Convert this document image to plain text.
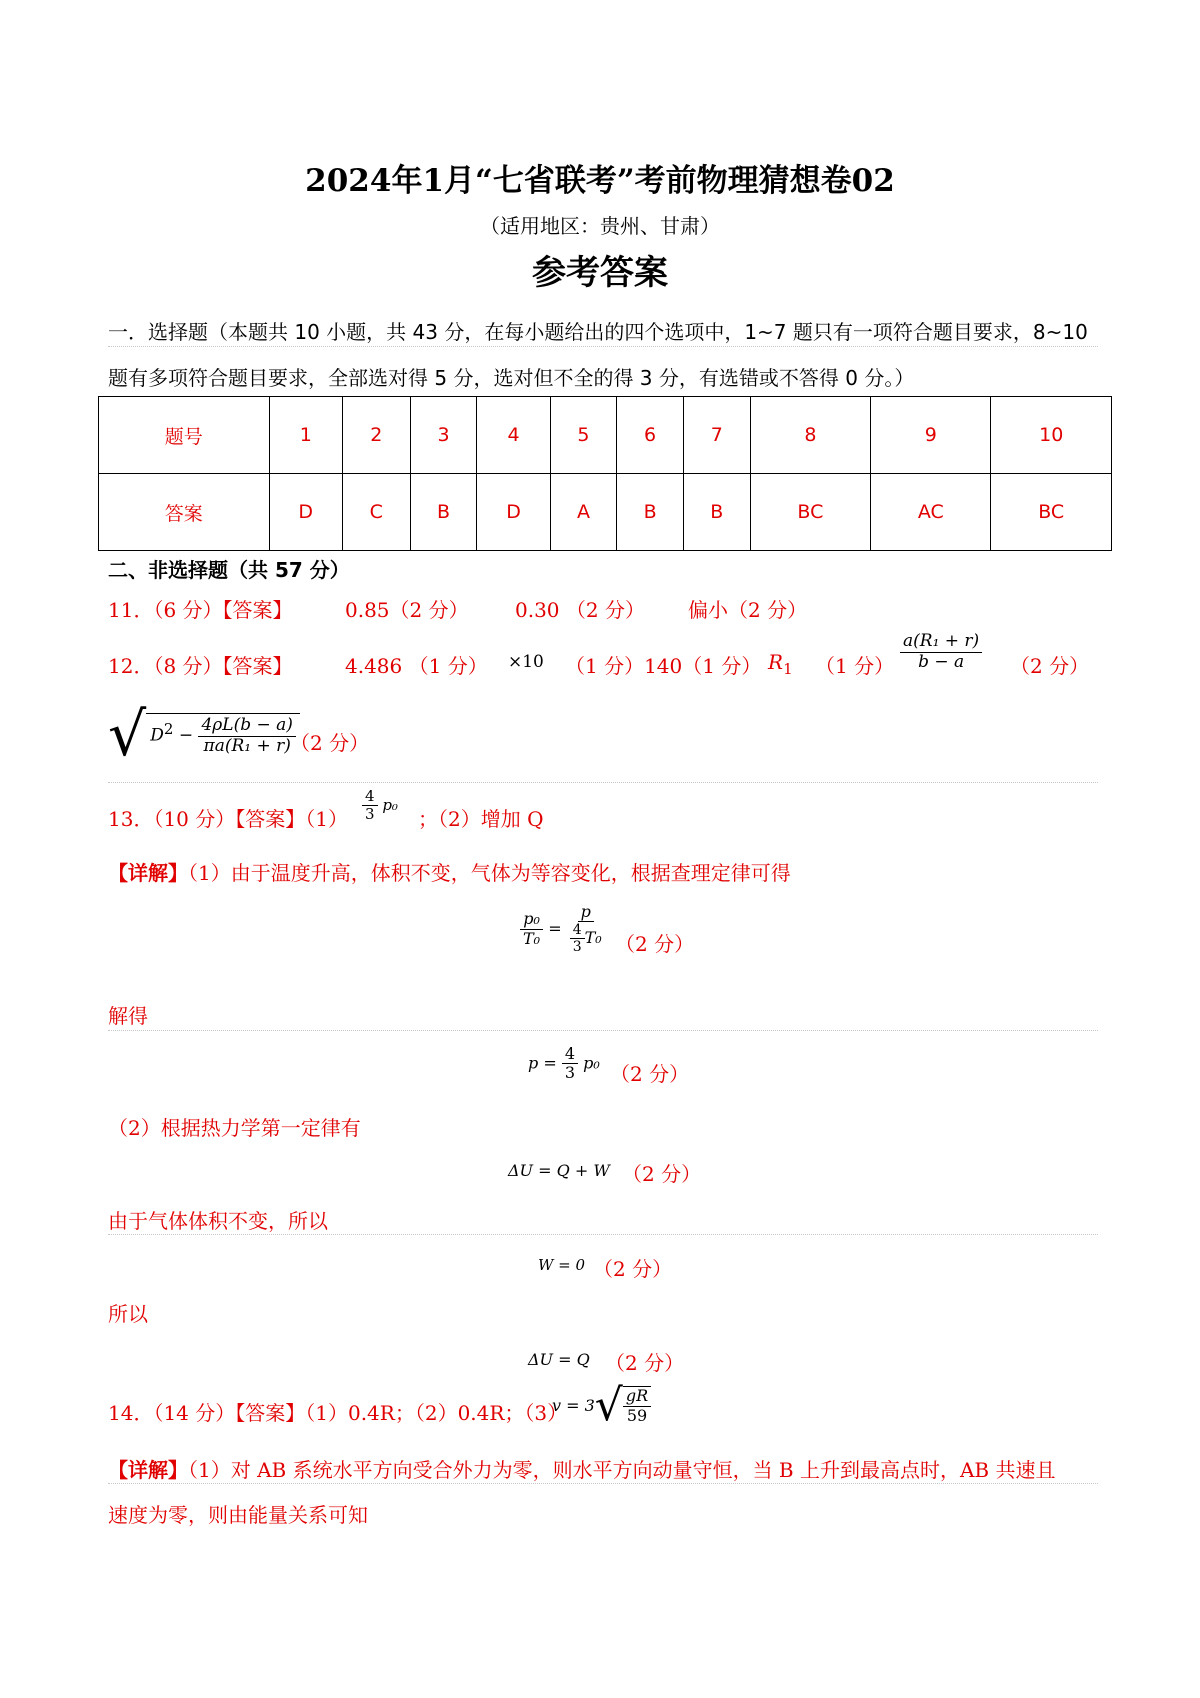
2024年1月“七省联考”考前物理猜想卷02
（适用地区：贵州、甘肃）
参考答案
一．选择题（本题共 10 小题，共 43 分，在每小题给出的四个选项中，1~7 题只有一项符合题目要求，8~10
题有多项符合题目要求，全部选对得 5 分，选对但不全的得 3 分，有选错或不答得 0 分。）
题号	1	2	3	4	5	6	7	8	9	10
答案	D	C	B	D	A	B	B	BC	AC	BC
二、非选择题（共 57 分）
11．（6 分）【答案】	0.85（2 分） 0.30 （2 分） 偏小（2 分）
12．（8 分）【答案】	4.486 （1 分） ×10 （1 分）140（1 分） $R_1$ （1 分） $\frac{\text{a(R₁ + r)}}{b - a} (2$ 分）
√ $D^2 - \frac{4\rho L(b - a)}{\text{πa(R₁ + r)}}$
（2 分）
13．（10 分）【答案】$(1) \frac{4}{3} p_0$
；（2）增加 Q
【详解】（1）由于温度升高，体积不变，气体为等容变化，根据查理定律可得
$\frac{\text{p₀}}{\text{T₀}} = \frac{p}{\frac{4}{3} T_0} (2$ 分）
解得
$p = \frac{4}{3} p_0$ （2 分）
（2）根据热力学第一定律有
ΔU = Q + W （2 分）
由于气体体积不变，所以
W = 0 （2 分）
所以
ΔU = Q （2 分）
14．（14 分）【答案】（1）0.4R；（2）0.4R；（3）
$v = 3√ \frac{gR}{59}$
【详解】（1）对 AB 系统水平方向受合外力为零，则水平方向动量守恒，当 B 上升到最高点时，AB 共速且
速度为零，则由能量关系可知
